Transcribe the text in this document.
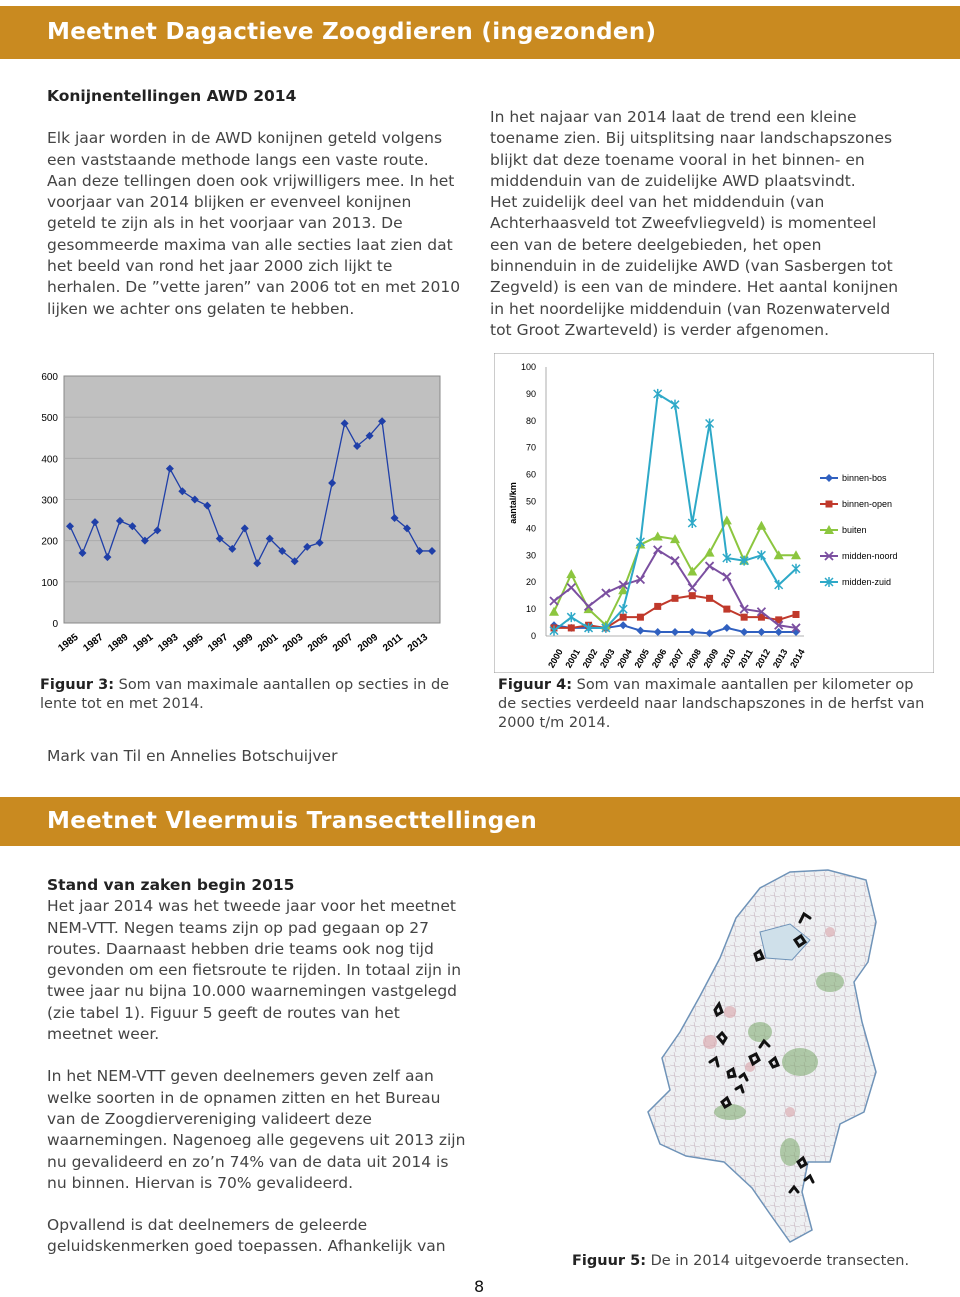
Meetnet Dagactieve Zoogdieren (ingezonden)

Konijnentellingen AWD 2014

Elk jaar worden in de AWD konijnen geteld volgens een vaststaande methode langs een vaste route. Aan deze tellingen doen ook vrijwilligers mee. In het voorjaar van 2014 blijken er evenveel konijnen geteld te zijn als in het voorjaar van 2013. De gesommeerde maxima van alle secties laat zien dat het beeld van rond het jaar 2000 zich lijkt te herhalen. De ”vette jaren” van 2006 tot en met 2010 lijken we achter ons gelaten te hebben.

In het najaar van 2014 laat de trend een kleine toename zien. Bij uitsplitsing naar landschapszones blijkt dat deze toename vooral in het binnen- en middenduin van de zuidelijke AWD plaatsvindt.

Het zuidelijk deel van het middenduin (van Achterhaasveld tot Zweefvliegveld) is momenteel een van de betere deelgebieden, het open binnenduin in de zuidelijke AWD (van Sasbergen tot Zegveld) is een van de mindere. Het aantal konijnen in het noordelijke middenduin (van Rozenwaterveld tot Groot Zwarteveld) is verder afgenomen.

0
100
200
300
400
500
600
1985 1987 1989 1991 1993 1995 1997 1999 2001 2003 2005 2007 2009 2011 2013	0
10
20
30
40
50
60
70
80
90
100
aantal/km
binnen-bos
binnen-open
buiten
midden-noord
midden-zuid
2000
2001
2002
2003
2004
2005
2006
2007
2008
2009
2010
2011
2012
2013
2014
Figuur 3: Som van maximale aantallen op secties in de lente tot en met 2014.
Figuur 4: Som van maximale aantallen per kilometer op de secties verdeeld naar landschapszones in de herfst van 2000 t/m 2014.
Mark van Til en Annelies Botschuijver
Meetnet Vleermuis Transecttellingen

Stand van zaken begin 2015

Het jaar 2014 was het tweede jaar voor het meetnet NEM-VTT. Negen teams zijn op pad gegaan op 27 routes. Daarnaast hebben drie teams ook nog tijd gevonden om een fietsroute te rijden. In totaal zijn in twee jaar nu bijna 10.000 waarnemingen vastgelegd (zie tabel 1). Figuur 5 geeft de routes van het meetnet weer.

In het NEM-VTT geven deelnemers geven zelf aan welke soorten in de opnamen zitten en het Bureau van de Zoogdiervereniging valideert deze waarnemingen. Nagenoeg alle gegevens uit 2013 zijn nu gevalideerd en zo’n 74% van de data uit 2014 is nu binnen. Hiervan is 70% gevalideerd.

Opvallend is dat deelnemers de geleerde geluidskenmerken goed toepassen. Afhankelijk van

Figuur 5: De in 2014 uitgevoerde transecten.
8
